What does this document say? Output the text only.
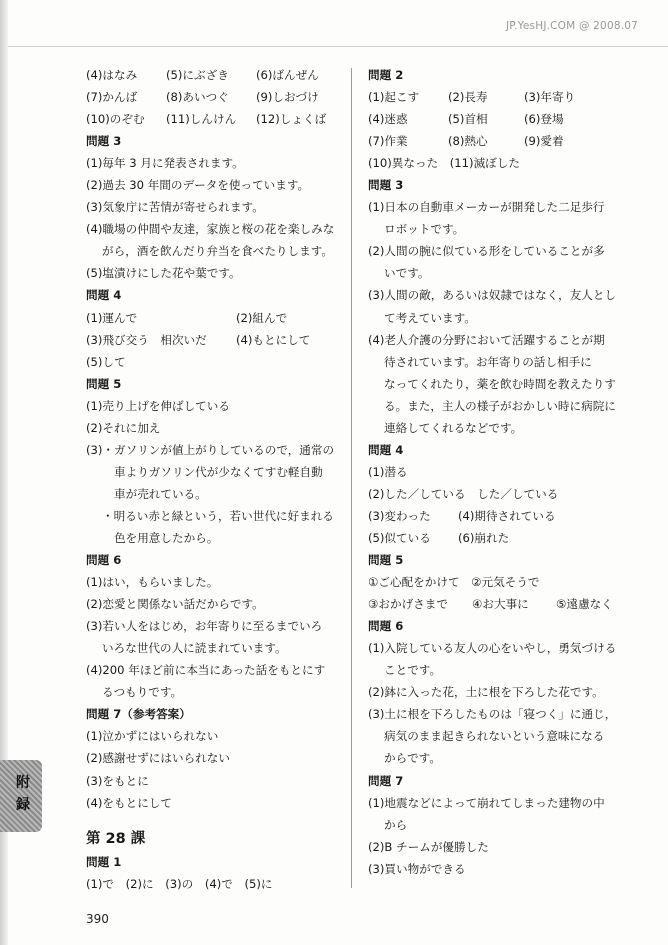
JP.YesHJ.COM @ 2008.07
(4)はなみ (5)にぶざき (6)ばんぜん
(7)かんば (8)あいつぐ (9)しおづけ
(10)のぞむ (11)しんけん (12)しょくば
問題 3
(1)毎年 3 月に発表されます。
(2)過去 30 年間のデータを使っています。
(3)気象庁に苦情が寄せられます。
(4)職場の仲間や友達，家族と桜の花を楽しみな
がら，酒を飲んだり弁当を食べたりします。
(5)塩漬けにした花や葉です。
問題 4
(1)運んで	(2)組んで
(3)飛び交う　相次いだ	(4)もとにして
(5)して
問題 5
(1)売り上げを伸ばしている
(2)それに加え
(3)・ガソリンが値上がりしているので，通常の
車よりガソリン代が少なくてすむ軽自動
車が売れている。
・明るい赤と緑という，若い世代に好まれる
色を用意したから。
問題 6
(1)はい，もらいました。
(2)恋愛と関係ない話だからです。
(3)若い人をはじめ，お年寄りに至るまでいろ
いろな世代の人に読まれています。
(4)200 年ほど前に本当にあった話をもとにす
るつもりです。
問題 7（参考答案）
(1)泣かずにはいられない
(2)感謝せずにはいられない
(3)をもとに
(4)をもとにして
第 28 課
問題 1
(1)で　(2)に　(3)の　(4)で　(5)に
問題 2
(1)起こす (2)長寿	(3)年寄り
(4)迷惑	(5)首相	(6)登場
(7)作業	(8)熱心	(9)愛着
(10)異なった　(11)滅ぼした
問題 3
(1)日本の自動車メーカーが開発した二足歩行
ロボットです。
(2)人間の腕に似ている形をしていることが多
いです。
(3)人間の敵，あるいは奴隷ではなく，友人とし
て考えています。
(4)老人介護の分野において活躍することが期
待されています。お年寄りの話し相手に
なってくれたり，薬を飲む時間を教えたりす
る。また，主人の様子がおかしい時に病院に
連絡してくれるなどです。
問題 4
(1)潜る
(2)した／している　した／している
(3)変わった (4)期待されている
(5)似ている (6)崩れた
問題 5
①ご心配をかけて　②元気そうで
③おかげさまで ④お大事に ⑤遠慮なく
問題 6
(1)入院している友人の心をいやし，勇気づける
ことです。
(2)鉢に入った花，土に根を下ろした花です。
(3)土に根を下ろしたものは「寝つく」に通じ，
病気のまま起きられないという意味になる
からです。
問題 7
(1)地震などによって崩れてしまった建物の中
から
(2)B チームが優勝した
(3)買い物ができる
附
録
390
